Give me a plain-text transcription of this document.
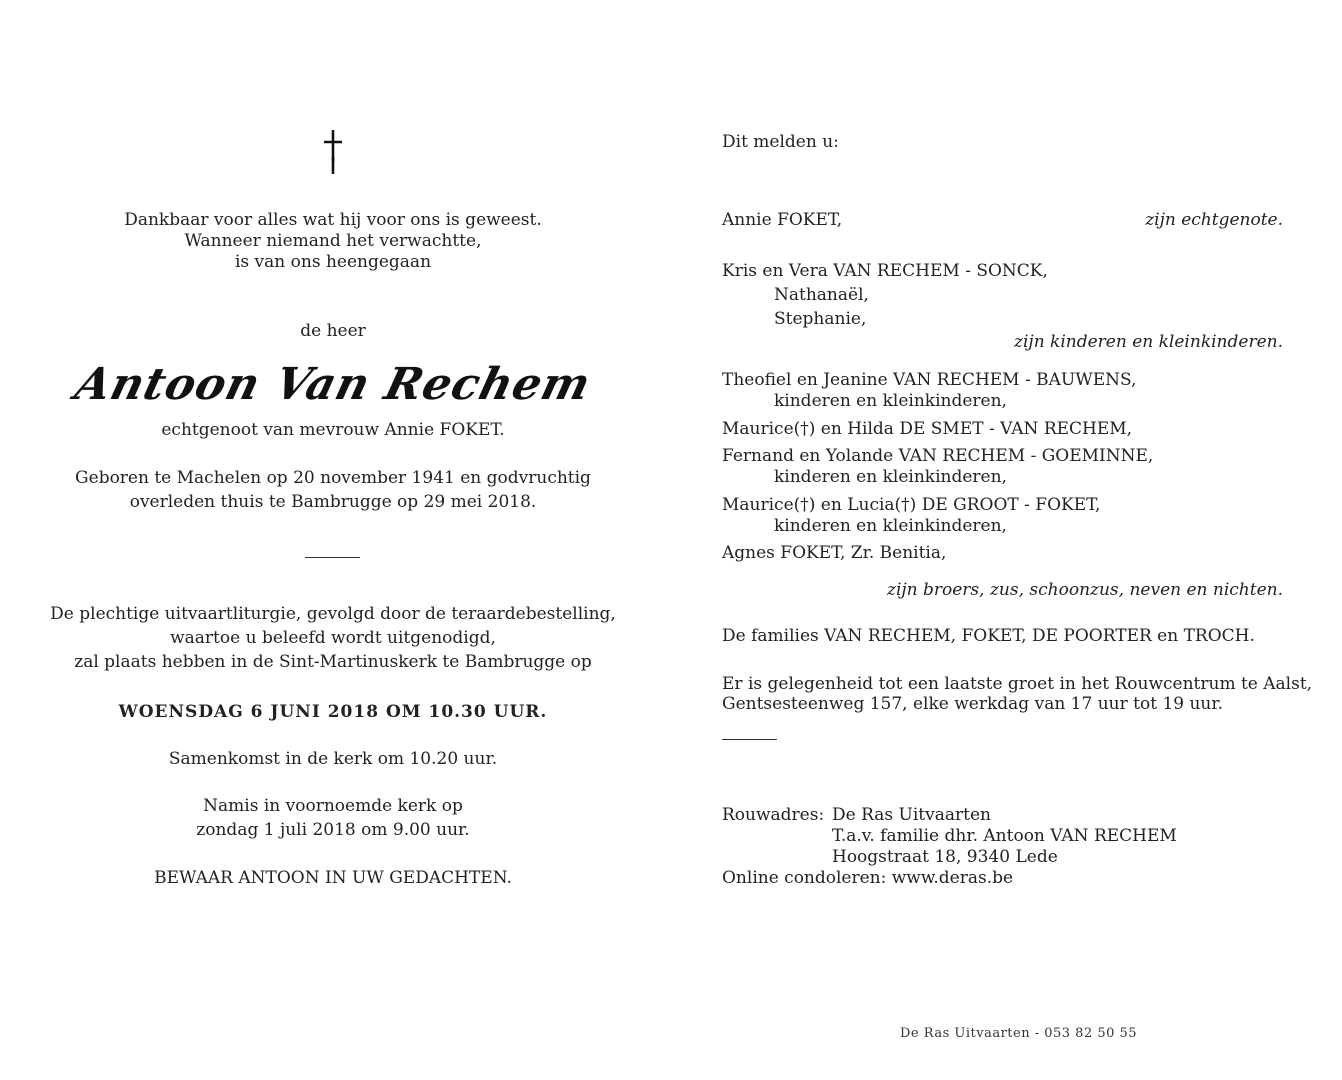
Dankbaar voor alles wat hij voor ons is geweest.
Wanneer niemand het verwachtte,
is van ons heengegaan
de heer
Antoon Van Rechem
echtgenoot van mevrouw Annie FOKET.
Geboren te Machelen op 20 november 1941 en godvruchtig
overleden thuis te Bambrugge op 29 mei 2018.
De plechtige uitvaartliturgie, gevolgd door de teraardebestelling,
waartoe u beleefd wordt uitgenodigd,
zal plaats hebben in de Sint-Martinuskerk te Bambrugge op
WOENSDAG 6 JUNI 2018 OM 10.30 UUR.
Samenkomst in de kerk om 10.20 uur.
Namis in voornoemde kerk op
zondag 1 juli 2018 om 9.00 uur.
BEWAAR ANTOON IN UW GEDACHTEN.
Dit melden u:
Annie FOKET,	zijn echtgenote.
Kris en Vera VAN RECHEM - SONCK,
Nathanaël,
Stephanie,
zijn kinderen en kleinkinderen.
Theofiel en Jeanine VAN RECHEM - BAUWENS,
kinderen en kleinkinderen,
Maurice(†) en Hilda DE SMET - VAN RECHEM,
Fernand en Yolande VAN RECHEM - GOEMINNE,
kinderen en kleinkinderen,
Maurice(†) en Lucia(†) DE GROOT - FOKET,
kinderen en kleinkinderen,
Agnes FOKET, Zr. Benitia,
zijn broers, zus, schoonzus, neven en nichten.
De families VAN RECHEM, FOKET, DE POORTER en TROCH.
Er is gelegenheid tot een laatste groet in het Rouwcentrum te Aalst,
Gentsesteenweg 157, elke werkdag van 17 uur tot 19 uur.
Rouwadres: De Ras Uitvaarten
T.a.v. familie dhr. Antoon VAN RECHEM
Hoogstraat 18, 9340 Lede
Online condoleren: www.deras.be
De Ras Uitvaarten - 053 82 50 55
